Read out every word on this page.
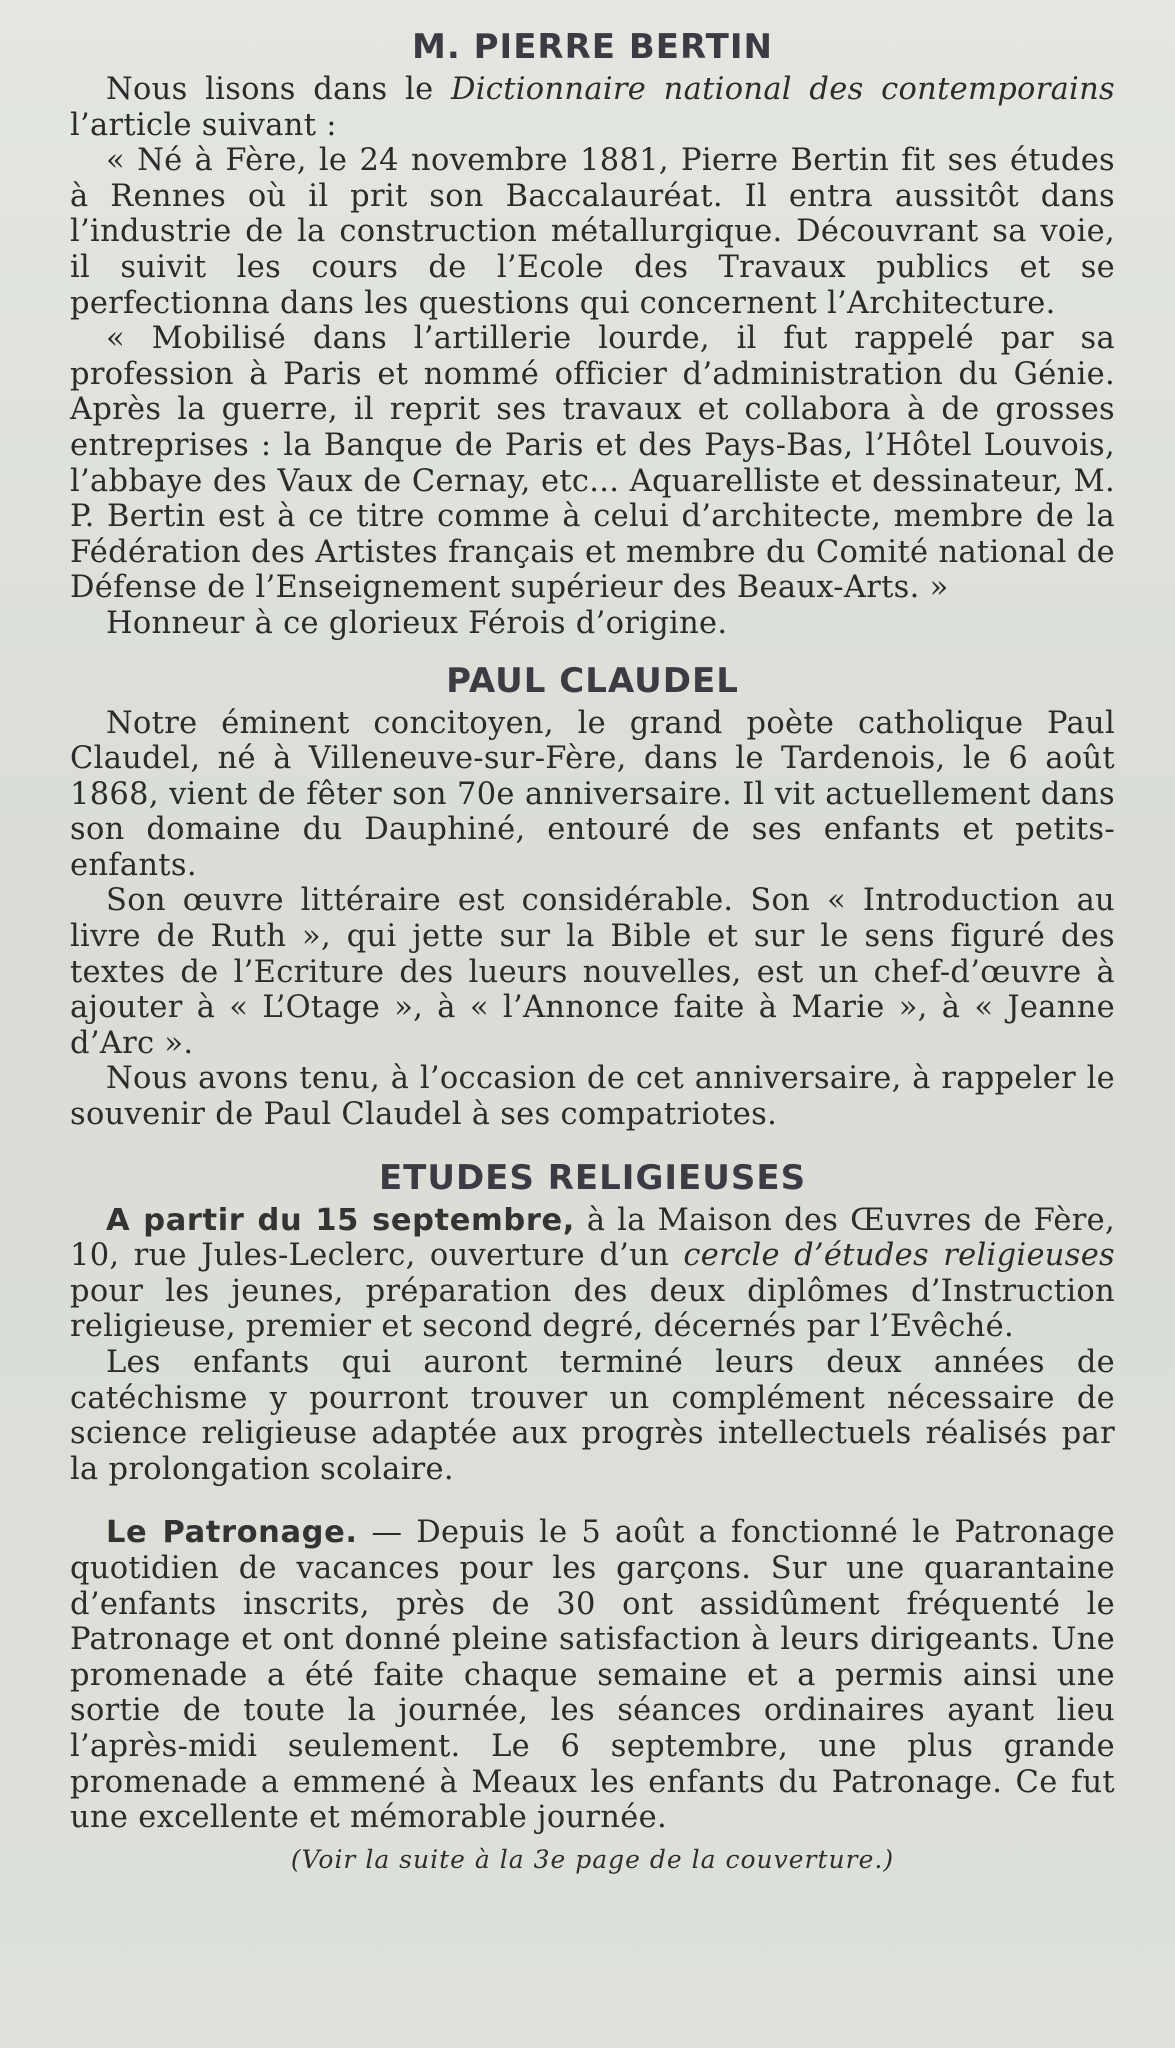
M. PIERRE BERTIN

Nous lisons dans le Dictionnaire national des contemporains l’article suivant :

« Né à Fère, le 24 novembre 1881, Pierre Bertin fit ses études à Rennes où il prit son Baccalauréat. Il entra aussitôt dans l’industrie de la construction métallurgique. Découvrant sa voie, il suivit les cours de l’Ecole des Travaux publics et se perfectionna dans les questions qui concernent l’Architecture.

« Mobilisé dans l’artillerie lourde, il fut rappelé par sa profession à Paris et nommé officier d’administration du Génie. Après la guerre, il reprit ses travaux et collabora à de grosses entreprises : la Banque de Paris et des Pays-Bas, l’Hôtel Louvois, l’abbaye des Vaux de Cernay, etc... Aquarelliste et dessinateur, M. P. Bertin est à ce titre comme à celui d’architecte, membre de la Fédération des Artistes français et membre du Comité national de Défense de l’Enseignement supérieur des Beaux-Arts. »

Honneur à ce glorieux Férois d’origine.

PAUL CLAUDEL

Notre éminent concitoyen, le grand poète catholique Paul Claudel, né à Villeneuve-sur-Fère, dans le Tardenois, le 6 août 1868, vient de fêter son 70e anniversaire. Il vit actuellement dans son domaine du Dauphiné, entouré de ses enfants et petits-enfants.

Son œuvre littéraire est considérable. Son « Introduction au livre de Ruth », qui jette sur la Bible et sur le sens figuré des textes de l’Ecriture des lueurs nouvelles, est un chef-d’œuvre à ajouter à « L’Otage », à « l’Annonce faite à Marie », à « Jeanne d’Arc ».

Nous avons tenu, à l’occasion de cet anniversaire, à rappeler le souvenir de Paul Claudel à ses compatriotes.

ETUDES RELIGIEUSES

A partir du 15 septembre, à la Maison des Œuvres de Fère, 10, rue Jules-Leclerc, ouverture d’un cercle d’études religieuses pour les jeunes, préparation des deux diplômes d’Instruction religieuse, premier et second degré, décernés par l’Evêché.

Les enfants qui auront terminé leurs deux années de catéchisme y pourront trouver un complément nécessaire de science religieuse adaptée aux progrès intellectuels réalisés par la prolongation scolaire.

Le Patronage. — Depuis le 5 août a fonctionné le Patronage quotidien de vacances pour les garçons. Sur une quarantaine d’enfants inscrits, près de 30 ont assidûment fréquenté le Patronage et ont donné pleine satisfaction à leurs dirigeants. Une promenade a été faite chaque semaine et a permis ainsi une sortie de toute la journée, les séances ordinaires ayant lieu l’après-midi seulement. Le 6 septembre, une plus grande promenade a emmené à Meaux les enfants du Patronage. Ce fut une excellente et mémorable journée.

(Voir la suite à la 3e page de la couverture.)
